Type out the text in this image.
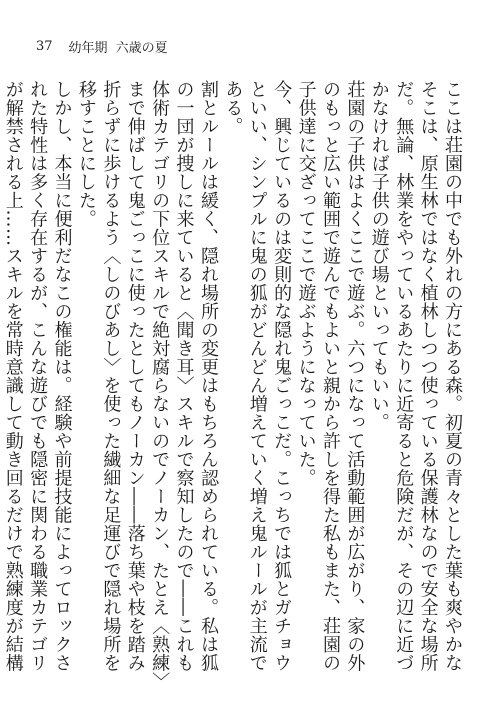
37 幼年期 六歳の夏

ここは荘園の中でも外れの方にある森。初夏の青々とした葉も爽やかなそこは、原生林ではなく植林しつつ使っている保護林なので安全な場所だ。無論、林業をやっているあたりに近寄ると危険だが、その辺に近づかなければ子供の遊び場といってもいい。

荘園の子供はよくここで遊ぶ。六つになって活動範囲が広がり、家の外のもっと広い範囲で遊んでもよいと親から許しを得た私もまた、荘園の子供達に交ざってここで遊ぶようになっていた。

今、興じているのは変則的な隠れ鬼ごっこだ。こっちでは狐とガチョウといい、シンプルに鬼の狐がどんどん増えていく増え鬼ルールが主流である。

割とルールは緩く、隠れ場所の変更はもちろん認められている。私は狐の一団が捜しに来ていると〈聞き耳〉スキルで察知したので――これも体術カテゴリの下位スキルで絶対腐らないのでノーカン、たとえ〈熟練〉まで伸ばして鬼ごっこに使ったとしてもノーカン――落ち葉や枝を踏み折らずに歩けるよう〈しのびあし〉を使った繊細な足運びで隠れ場所を移すことにした。

しかし、本当に便利だなこの権能は。経験や前提技能によってロックされた特性は多く存在するが、こんな遊びでも隠密に関わる職業カテゴリが解禁される上……スキルを常時意識して動き回るだけで熟練度が結構
